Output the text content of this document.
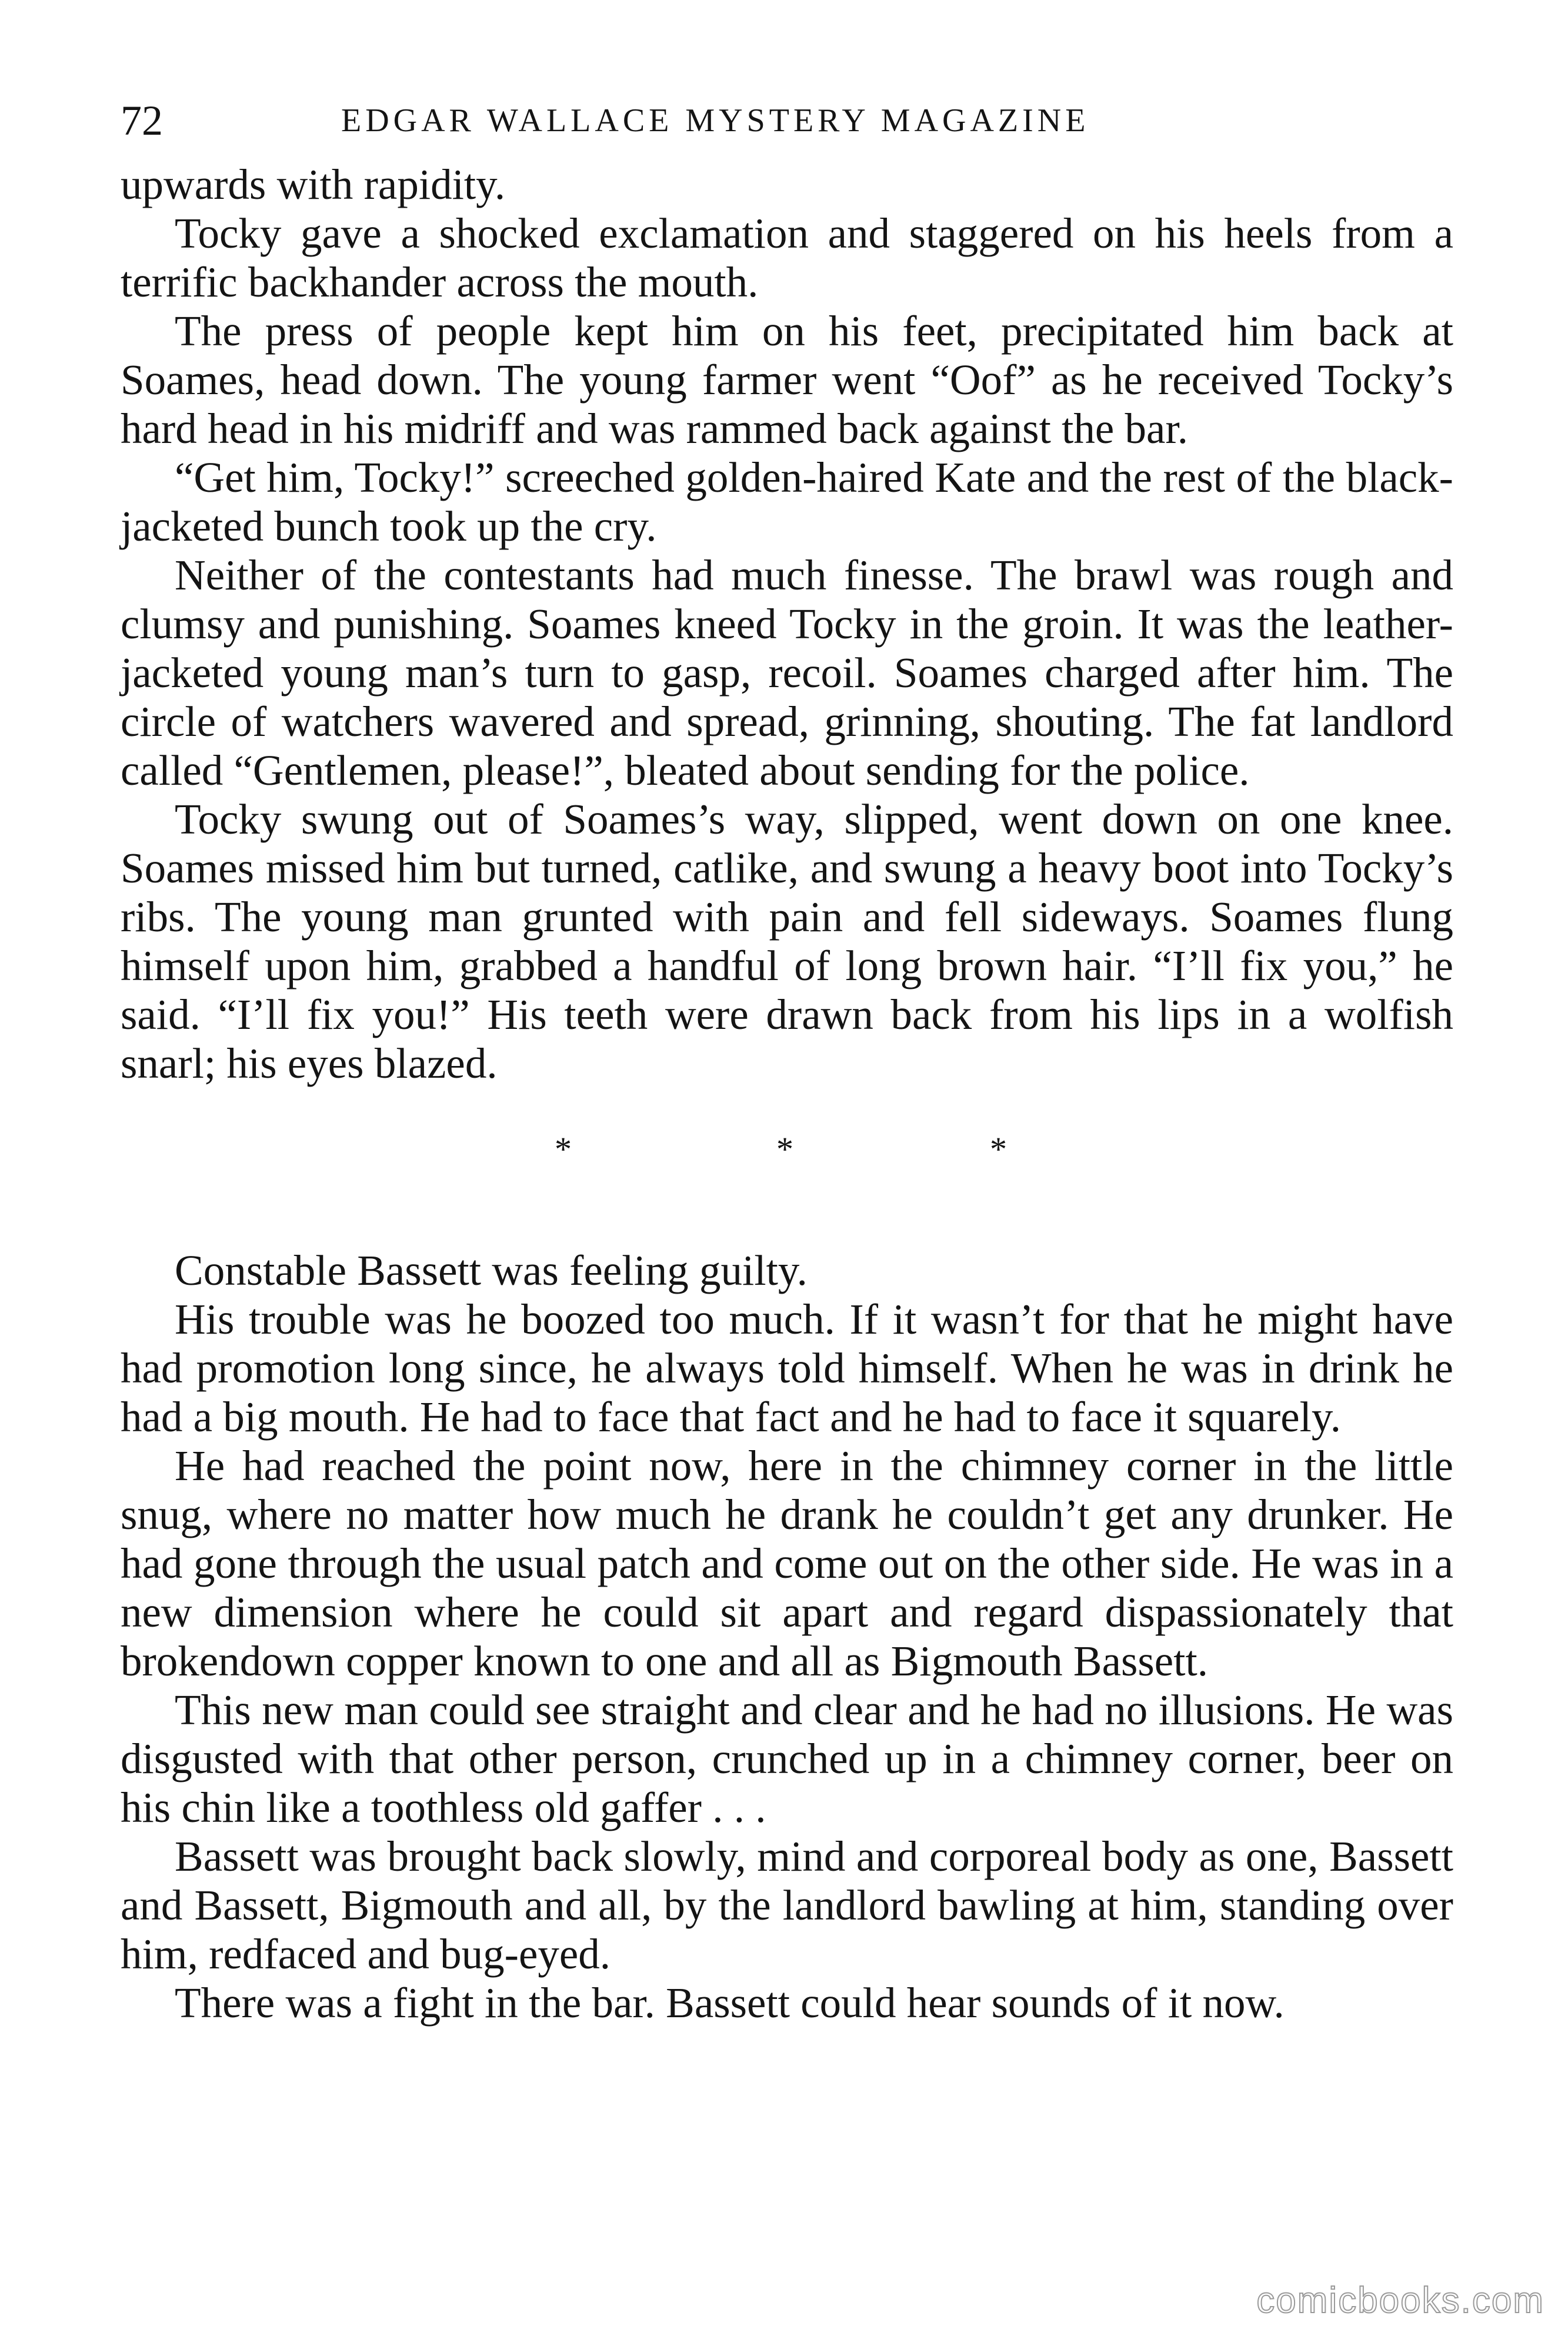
72	EDGAR WALLACE MYSTERY MAGAZINE

upwards with rapidity.

Tocky gave a shocked exclamation and staggered on his heels from a terrific backhander across the mouth.

The press of people kept him on his feet, precipitated him back at Soames, head down. The young farmer went “Oof” as he received Tocky’s hard head in his midriff and was rammed back against the bar.

“Get him, Tocky!” screeched golden-haired Kate and the rest of the black-jacketed bunch took up the cry.

Neither of the contestants had much finesse. The brawl was rough and clumsy and punishing. Soames kneed Tocky in the groin. It was the leather-jacketed young man’s turn to gasp, recoil. Soames charged after him. The circle of watchers wavered and spread, grinning, shouting. The fat landlord called “Gentlemen, please!”, bleated about sending for the police.

Tocky swung out of Soames’s way, slipped, went down on one knee. Soames missed him but turned, catlike, and swung a heavy boot into Tocky’s ribs. The young man grunted with pain and fell sideways. Soames flung himself upon him, grabbed a handful of long brown hair. “I’ll fix you,” he said. “I’ll fix you!” His teeth were drawn back from his lips in a wolfish snarl; his eyes blazed.

*	*	*

Constable Bassett was feeling guilty.

His trouble was he boozed too much. If it wasn’t for that he might have had promotion long since, he always told himself. When he was in drink he had a big mouth. He had to face that fact and he had to face it squarely.

He had reached the point now, here in the chimney corner in the little snug, where no matter how much he drank he couldn’t get any drunker. He had gone through the usual patch and come out on the other side. He was in a new dimension where he could sit apart and regard dispassionately that brokendown copper known to one and all as Bigmouth Bassett.

This new man could see straight and clear and he had no illusions. He was disgusted with that other person, crunched up in a chimney corner, beer on his chin like a toothless old gaffer . . .

Bassett was brought back slowly, mind and corporeal body as one, Bassett and Bassett, Bigmouth and all, by the landlord bawling at him, standing over him, redfaced and bug-eyed.

There was a fight in the bar. Bassett could hear sounds of it now.

comicbooks.com
